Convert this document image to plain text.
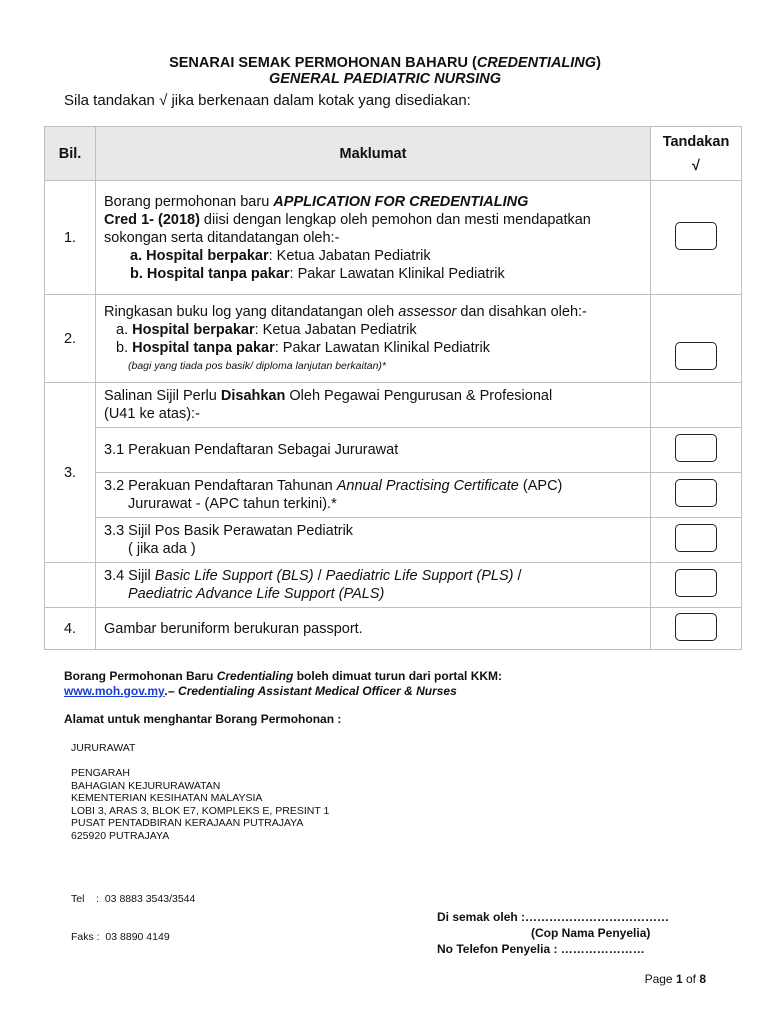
SENARAI SEMAK PERMOHONAN BAHARU (CREDENTIALING)
GENERAL PAEDIATRIC NURSING
Sila tandakan √ jika berkenaan dalam kotak yang disediakan:
Bil.	Maklumat	Tandakan
√

1.	Borang permohonan baru APPLICATION FOR CREDENTIALING
Cred 1- (2018) diisi dengan lengkap oleh pemohon dan mesti mendapatkan
sokongan serta ditandatangan oleh:-
a. Hospital berpakar: Ketua Jabatan Pediatrik
b. Hospital tanpa pakar: Pakar Lawatan Klinikal Pediatrik	

2.	Ringkasan buku log yang ditandatangan oleh assessor dan disahkan oleh:-
a. Hospital berpakar: Ketua Jabatan Pediatrik
b. Hospital tanpa pakar: Pakar Lawatan Klinikal Pediatrik
(bagi yang tiada pos basik/ diploma lanjutan berkaitan)*	

3.	Salinan Sijil Perlu Disahkan Oleh Pegawai Pengurusan & Profesional
(U41 ke atas):-	

	3.1 Perakuan Pendaftaran Sebagai Jururawat	

	3.2 Perakuan Pendaftaran Tahunan Annual Practising Certificate (APC)
Jururawat - (APC tahun terkini).*	

	3.3 Sijil Pos Basik Perawatan Pediatrik
( jika ada )	

	3.4 Sijil Basic Life Support (BLS) / Paediatric Life Support (PLS) /
Paediatric Advance Life Support (PALS)	

4.	Gambar beruniform berukuran passport.	
Borang Permohonan Baru Credentialing boleh dimuat turun dari portal KKM:
www.moh.gov.my.– Credentialing Assistant Medical Officer & Nurses
Alamat untuk menghantar Borang Permohonan :
JURURAWAT
PENGARAH
BAHAGIAN KEJURURAWATAN
KEMENTERIAN KESIHATAN MALAYSIA
LOBI 3, ARAS 3, BLOK E7, KOMPLEKS E, PRESINT 1
PUSAT PENTADBIRAN KERAJAAN PUTRAJAYA
625920 PUTRAJAYA

Tel    :  03 8883 3543/3544

Faks :  03 8890 4149

Di semak oleh :………………………………
(Cop Nama Penyelia)
No Telefon Penyelia : …………………
Page 1 of 8
